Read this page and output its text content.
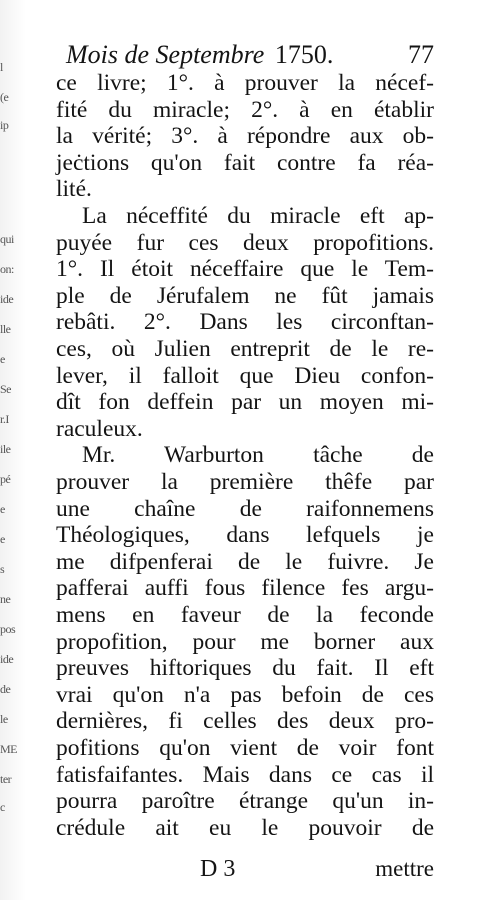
l
(e
ip
qui
on:
ide
lle
e
Se
r.I
ile
pé
e
e
s
ne
pos
ide
de
le
ME
ter
c
Mois de Septembre 1750.	77
ce livre; 1°. à prouver la nécef-
fité du miracle; 2°. à en établir
la vérité; 3°. à répondre aux ob-
jeċtions qu'on fait contre fa réa-
lité.
La néceffité du miracle eft ap-
puyée fur ces deux propofitions.
1°. Il étoit néceffaire que le Tem-
ple de Jérufalem ne fût jamais
rebâti. 2°. Dans les circonftan-
ces, où Julien entreprit de le re-
lever, il falloit que Dieu confon-
dît fon deffein par un moyen mi-
raculeux.
Mr. Warburton tâche de
prouver la première thêfe par
une chaîne de raifonnemens
Théologiques, dans lefquels je
me difpenferai de le fuivre. Je
pafferai auffi fous filence fes argu-
mens en faveur de la feconde
propofition, pour me borner aux
preuves hiftoriques du fait. Il eft
vrai qu'on n'a pas befoin de ces
dernières, fi celles des deux pro-
pofitions qu'on vient de voir font
fatisfaifantes. Mais dans ce cas il
pourra paroître étrange qu'un in-
crédule ait eu le pouvoir de
D 3	mettre
